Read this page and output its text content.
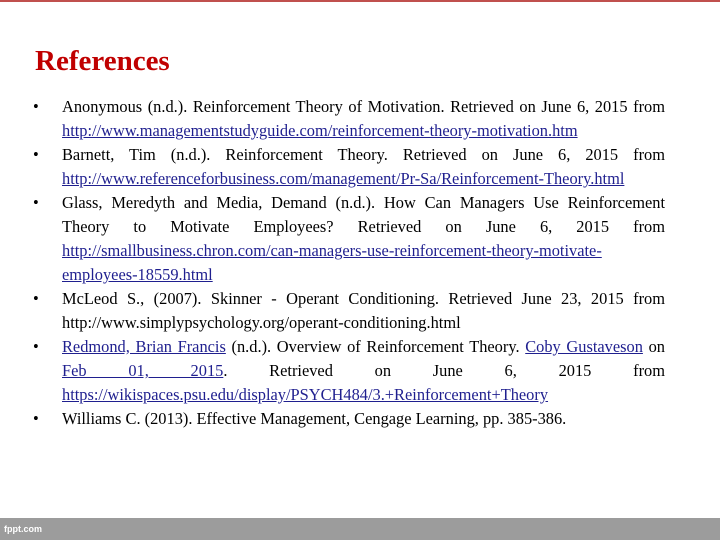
References
• Anonymous (n.d.). Reinforcement Theory of Motivation. Retrieved on June 6, 2015 from http://www.managementstudyguide.com/reinforcement-theory-motivation.htm
• Barnett, Tim (n.d.). Reinforcement Theory. Retrieved on June 6, 2015 from http://www.referenceforbusiness.com/management/Pr-Sa/Reinforcement-Theory.html
• Glass, Meredyth and Media, Demand (n.d.). How Can Managers Use Reinforcement Theory to Motivate Employees? Retrieved on June 6, 2015 from http://smallbusiness.chron.com/can-managers-use-reinforcement-theory-motivate-employees-18559.html
• McLeod S., (2007). Skinner - Operant Conditioning. Retrieved June 23, 2015 from http://www.simplypsychology.org/operant-conditioning.html
• Redmond, Brian Francis (n.d.). Overview of Reinforcement Theory. Coby Gustaveson on Feb 01, 2015. Retrieved on June 6, 2015 from https://wikispaces.psu.edu/display/PSYCH484/3.+Reinforcement+Theory
• Williams C. (2013). Effective Management, Cengage Learning, pp. 385-386.
fppt.com
